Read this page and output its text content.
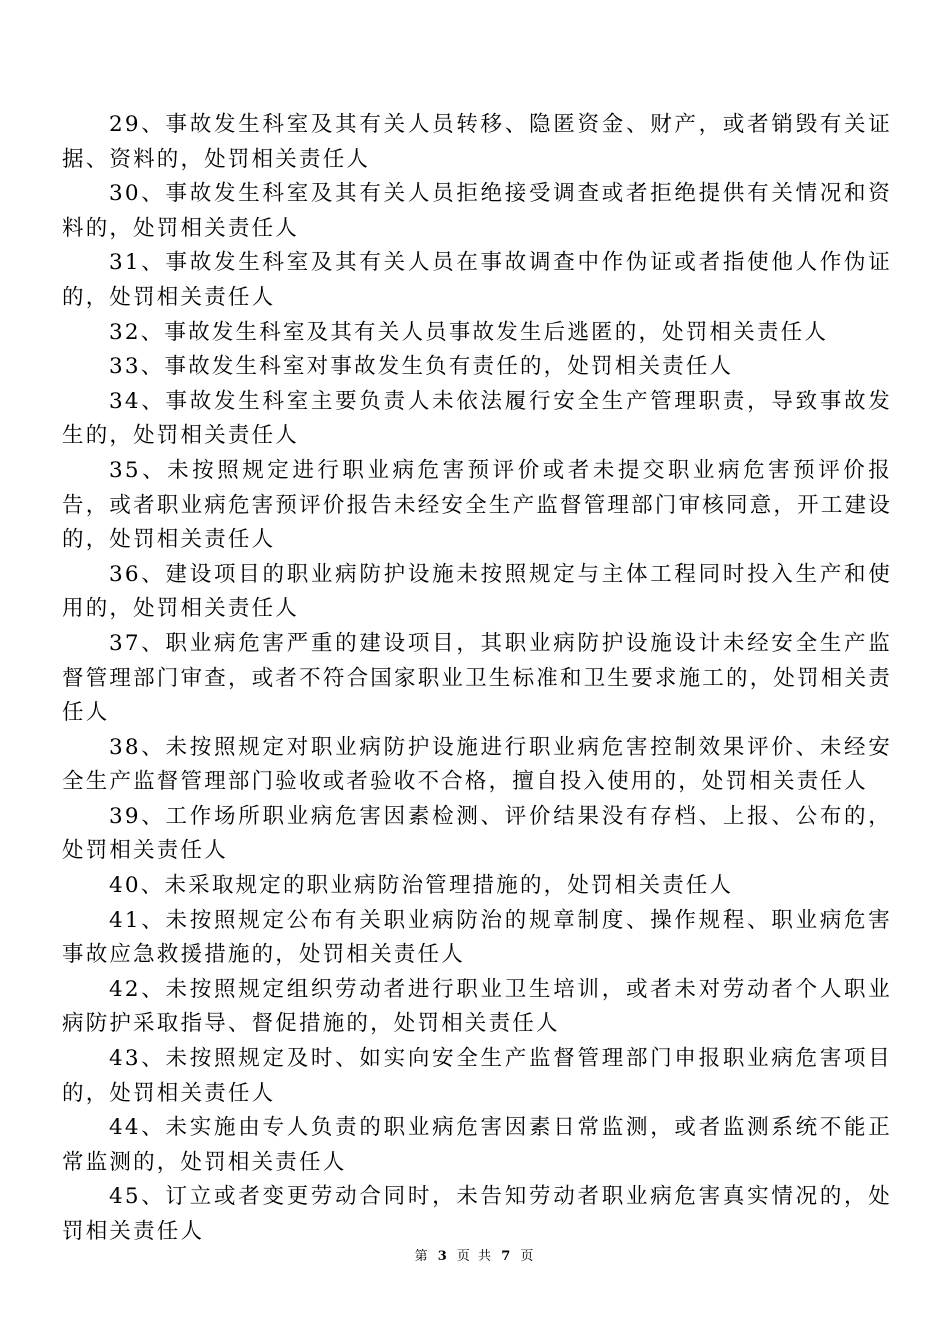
29、事故发生科室及其有关人员转移、隐匿资金、财产，或者销毁有关证据、资料的，处罚相关责任人

30、事故发生科室及其有关人员拒绝接受调查或者拒绝提供有关情况和资料的，处罚相关责任人

31、事故发生科室及其有关人员在事故调查中作伪证或者指使他人作伪证的，处罚相关责任人

32、事故发生科室及其有关人员事故发生后逃匿的，处罚相关责任人

33、事故发生科室对事故发生负有责任的，处罚相关责任人

34、事故发生科室主要负责人未依法履行安全生产管理职责，导致事故发生的，处罚相关责任人

35、未按照规定进行职业病危害预评价或者未提交职业病危害预评价报告，或者职业病危害预评价报告未经安全生产监督管理部门审核同意，开工建设的，处罚相关责任人

36、建设项目的职业病防护设施未按照规定与主体工程同时投入生产和使用的，处罚相关责任人

37、职业病危害严重的建设项目，其职业病防护设施设计未经安全生产监督管理部门审查，或者不符合国家职业卫生标准和卫生要求施工的，处罚相关责任人

38、未按照规定对职业病防护设施进行职业病危害控制效果评价、未经安全生产监督管理部门验收或者验收不合格，擅自投入使用的，处罚相关责任人

39、工作场所职业病危害因素检测、评价结果没有存档、上报、公布的，处罚相关责任人

40、未采取规定的职业病防治管理措施的，处罚相关责任人

41、未按照规定公布有关职业病防治的规章制度、操作规程、职业病危害事故应急救援措施的，处罚相关责任人

42、未按照规定组织劳动者进行职业卫生培训，或者未对劳动者个人职业病防护采取指导、督促措施的，处罚相关责任人

43、未按照规定及时、如实向安全生产监督管理部门申报职业病危害项目的，处罚相关责任人

44、未实施由专人负责的职业病危害因素日常监测，或者监测系统不能正常监测的，处罚相关责任人

45、订立或者变更劳动合同时，未告知劳动者职业病危害真实情况的，处罚相关责任人

第 3 页 共 7 页
